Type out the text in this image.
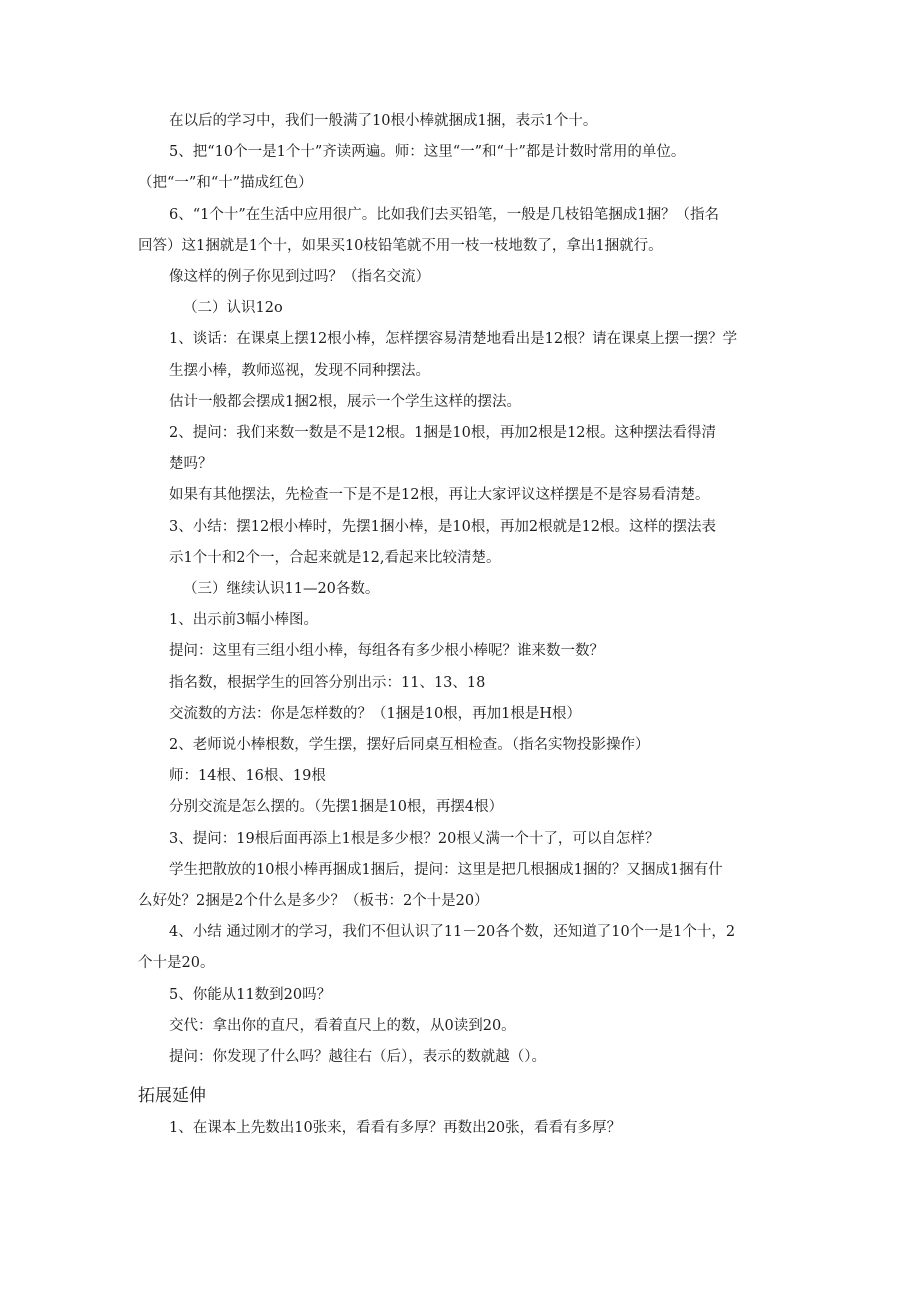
在以后的学习中，我们一般满了10根小棒就捆成1捆，表示1个十。

5、把“10个一是1个十”齐读两遍。师：这里“一”和“十”都是计数时常用的单位。

（把“一”和“十”描成红色）

6、“1个十”在生活中应用很广。比如我们去买铅笔，一般是几枝铅笔捆成1捆？（指名

回答）这1捆就是1个十，如果买10枝铅笔就不用一枝一枝地数了，拿出1捆就行。

像这样的例子你见到过吗？（指名交流）

（二）认识12o

1、谈话：在课桌上摆12根小棒，怎样摆容易清楚地看出是12根？请在课桌上摆一摆？学

生摆小棒，教师巡视，发现不同种摆法。

估计一般都会摆成1捆2根，展示一个学生这样的摆法。

2、提问：我们来数一数是不是12根。1捆是10根，再加2根是12根。这种摆法看得清

楚吗？

如果有其他摆法，先检查一下是不是12根，再让大家评议这样摆是不是容易看清楚。

3、小结：摆12根小棒时，先摆1捆小棒，是10根，再加2根就是12根。这样的摆法表

示1个十和2个一，合起来就是12,看起来比较清楚。

（三）继续认识11—20各数。

1、出示前3幅小棒图。

提问：这里有三组小组小棒，每组各有多少根小棒呢？谁来数一数？

指名数，根据学生的回答分别出示：11、13、18

交流数的方法：你是怎样数的？（1捆是10根，再加1根是H根）

2、老师说小棒根数，学生摆，摆好后同桌互相检查。（指名实物投影操作）

师：14根、16根、19根

分别交流是怎么摆的。（先摆1捆是10根，再摆4根）

3、提问：19根后面再添上1根是多少根？20根乂满一个十了，可以自怎样？

学生把散放的10根小棒再捆成1捆后，提问：这里是把几根捆成1捆的？又捆成1捆有什

么好处？2捆是2个什么是多少？（板书：2个十是20）

4、小结 通过刚才的学习，我们不但认识了11－20各个数，还知道了10个一是1个十，2

个十是20。

5、你能从11数到20吗？

交代：拿出你的直尺，看着直尺上的数，从0读到20。

提问：你发现了什么吗？越往右（后），表示的数就越（）。

拓展延伸

1、在课本上先数出10张来，看看有多厚？再数出20张，看看有多厚？
